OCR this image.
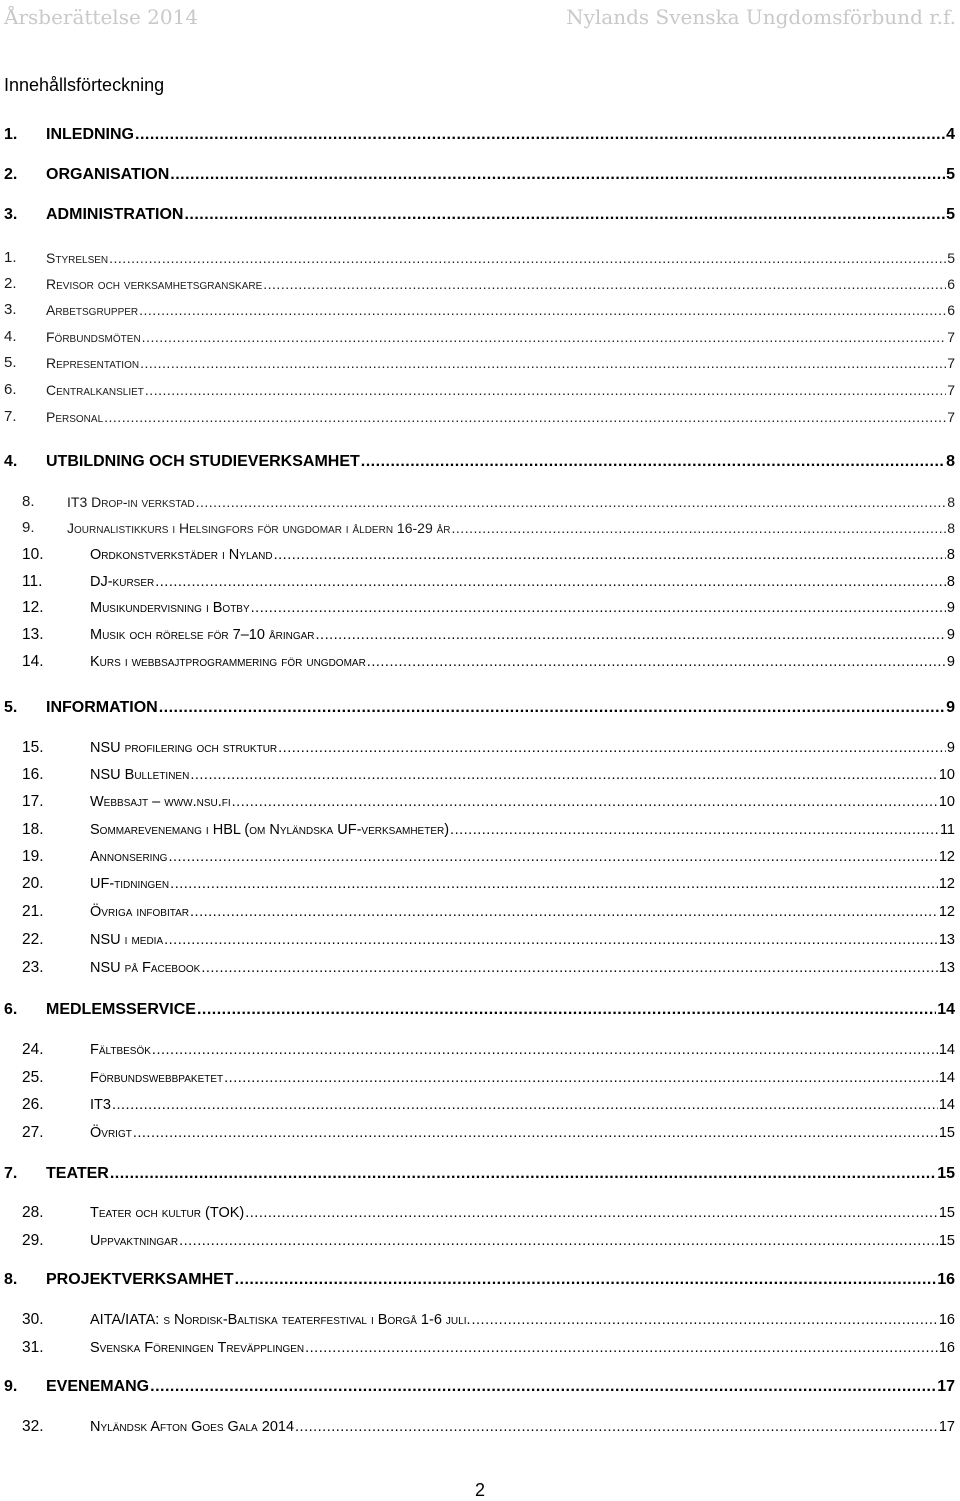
Årsberättelse 2014	Nylands Svenska Ungdomsförbund r.f.
Innehållsförteckning
1. INLEDNING .....	4
2. ORGANISATION .....	5
3. ADMINISTRATION .....	5
1. Styrelsen .....	5
2. Revisor och verksamhetsgranskare .....	6
3. Arbetsgrupper .....	6
4. Förbundsmöten .....	7
5. Representation .....	7
6. Centralkansliet .....	7
7. Personal .....	7
4. UTBILDNING OCH STUDIEVERKSAMHET .....	8
8. IT3 Drop-in verkstad .....	8
9. Journalistikkurs i Helsingfors för ungdomar i åldern 16-29 år .....	8
10.	Ordkonstverkstäder i Nyland .....	8
11.	DJ-kurser .....	8
12.	Musikundervisning i Botby .....	9
13.	Musik och rörelse för 7–10 åringar .....	9
14.	Kurs i webbsajtprogrammering för ungdomar .....	9
5. INFORMATION .....	9
15.	NSU profilering och struktur .....	9
16.	NSU Bulletinen .....	10
17.	Webbsajt – www.nsu.fi .....	10
18.	Sommarevenemang i HBL (om Nyländska UF-verksamheter) .....	11
19.	Annonsering .....	12
20.	UF-tidningen .....	12
21.	Övriga infobitar .....	12
22.	NSU i media .....	13
23.	NSU på Facebook .....	13
6. MEDLEMSSERVICE .....	14
24.	Fältbesök .....	14
25.	Förbundswebbpaketet .....	14
26.	IT3 .....	14
27.	Övrigt .....	15
7. TEATER .....	15
28.	Teater och kultur (TOK) .....	15
29.	Uppvaktningar .....	15
8. PROJEKTVERKSAMHET .....	16
30.	AITA/IATA: s Nordisk-Baltiska teaterfestival i Borgå 1-6 juli. .....	16
31.	Svenska Föreningen Treväpplingen .....	16
9. EVENEMANG .....	17
32.	Nyländsk Afton Goes Gala 2014 .....	17
2
